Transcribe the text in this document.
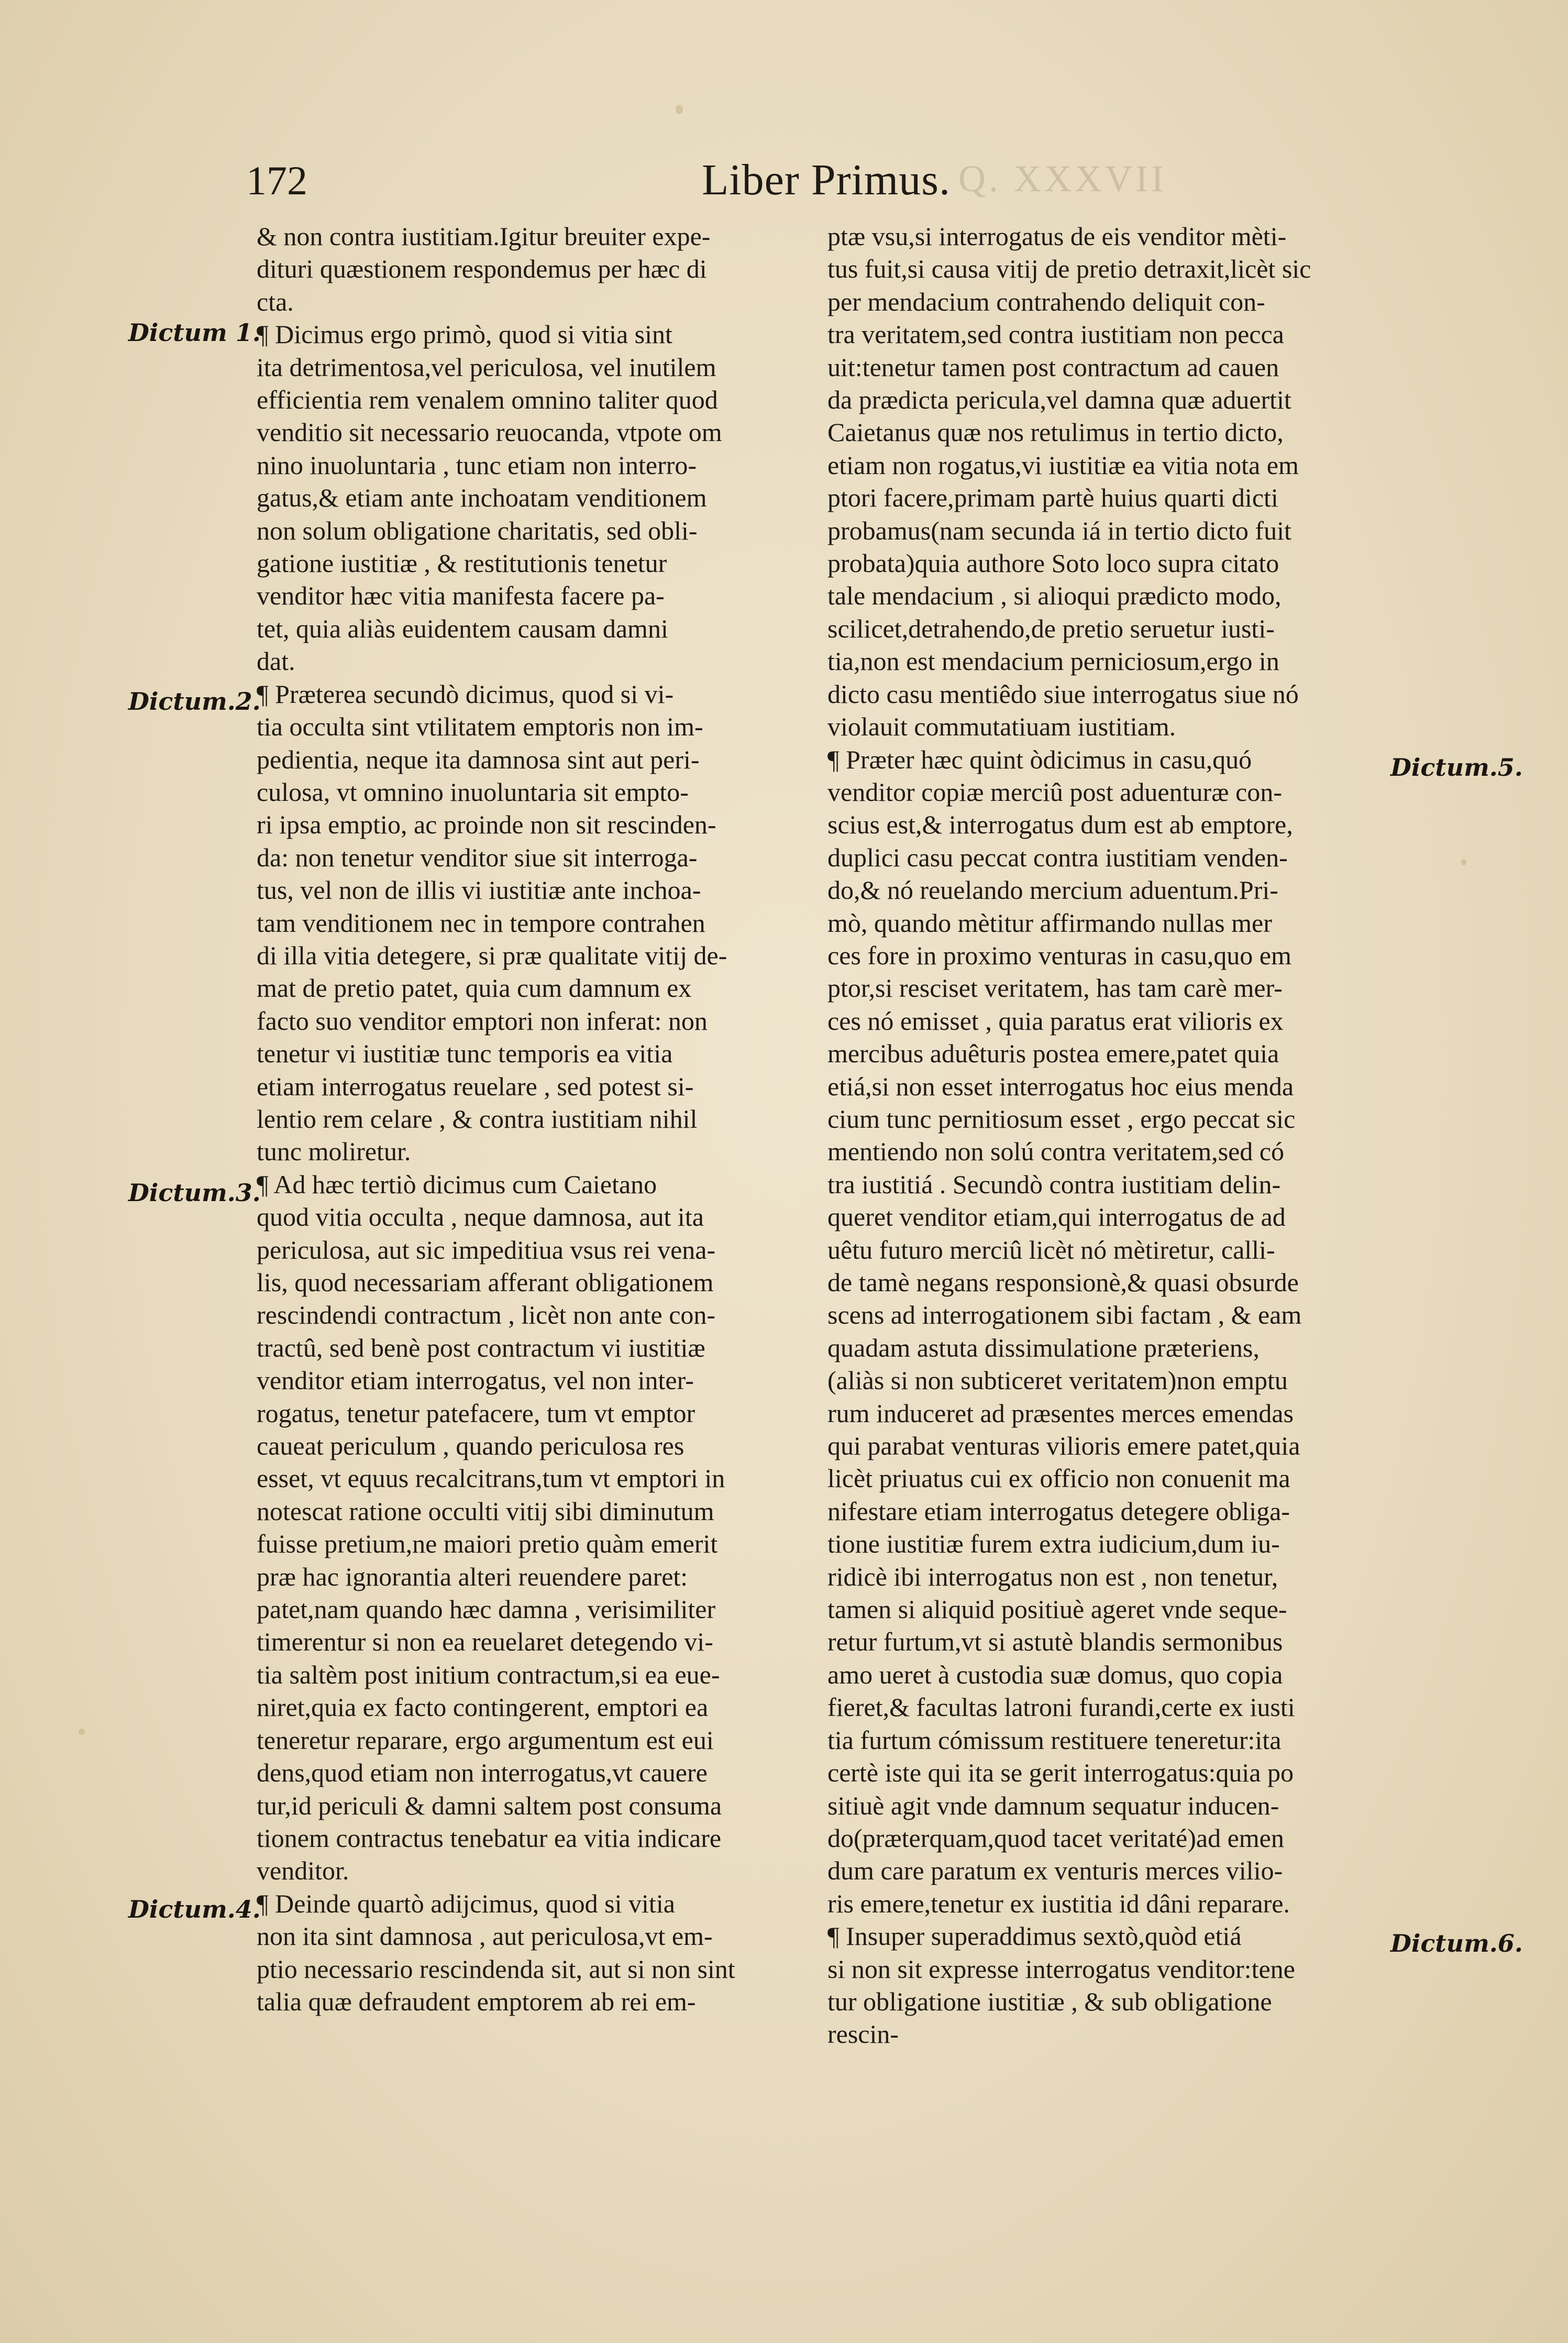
172	Liber Primus. Q. XXXVII
Dictum 1.
Dictum.2.
Dictum.3.
Dictum.4.
Dictum.5.
Dictum.6.
& non contra iustitiam.Igitur breuiter expe-
dituri quæstionem respondemus per hæc di
cta.
¶ Dicimus ergo primò, quod si vitia sint
ita detrimentosa,vel periculosa, vel inutilem
efficientia rem venalem omnino taliter quod
venditio sit necessario reuocanda, vtpote om
nino inuoluntaria , tunc etiam non interro-
gatus,& etiam ante inchoatam venditionem
non solum obligatione charitatis, sed obli-
gatione iustitiæ , & restitutionis tenetur
venditor hæc vitia manifesta facere pa-
tet, quia aliàs euidentem causam damni
dat.
¶ Præterea secundò dicimus, quod si vi-
tia occulta sint vtilitatem emptoris non im-
pedientia, neque ita damnosa sint aut peri-
culosa, vt omnino inuoluntaria sit empto-
ri ipsa emptio, ac proinde non sit rescinden-
da: non tenetur venditor siue sit interroga-
tus, vel non de illis vi iustitiæ ante inchoa-
tam venditionem nec in tempore contrahen
di illa vitia detegere, si præ qualitate vitij de-
mat de pretio patet, quia cum damnum ex
facto suo venditor emptori non inferat: non
tenetur vi iustitiæ tunc temporis ea vitia
etiam interrogatus reuelare , sed potest si-
lentio rem celare , & contra iustitiam nihil
tunc moliretur.
¶ Ad hæc tertiò dicimus cum Caietano
quod vitia occulta , neque damnosa, aut ita
periculosa, aut sic impeditiua vsus rei vena-
lis, quod necessariam afferant obligationem
rescindendi contractum , licèt non ante con-
tractû, sed benè post contractum vi iustitiæ
venditor etiam interrogatus, vel non inter-
rogatus, tenetur patefacere, tum vt emptor
caueat periculum , quando periculosa res
esset, vt equus recalcitrans,tum vt emptori in
notescat ratione occulti vitij sibi diminutum
fuisse pretium,ne maiori pretio quàm emerit
præ hac ignorantia alteri reuendere paret:
patet,nam quando hæc damna , verisimiliter
timerentur si non ea reuelaret detegendo vi-
tia saltèm post initium contractum,si ea eue-
niret,quia ex facto contingerent, emptori ea
teneretur reparare, ergo argumentum est eui
dens,quod etiam non interrogatus,vt cauere
tur,id periculi & damni saltem post consuma
tionem contractus tenebatur ea vitia indicare
venditor.
¶ Deinde quartò adijcimus, quod si vitia
non ita sint damnosa , aut periculosa,vt em-
ptio necessario rescindenda sit, aut si non sint
talia quæ defraudent emptorem ab rei em-
ptæ vsu,si interrogatus de eis venditor mèti-
tus fuit,si causa vitij de pretio detraxit,licèt sic
per mendacium contrahendo deliquit con-
tra veritatem,sed contra iustitiam non pecca
uit:tenetur tamen post contractum ad cauen
da prædicta pericula,vel damna quæ aduertit
Caietanus quæ nos retulimus in tertio dicto,
etiam non rogatus,vi iustitiæ ea vitia nota em
ptori facere,primam partè huius quarti dicti
probamus(nam secunda iá in tertio dicto fuit
probata)quia authore Soto loco supra citato
tale mendacium , si alioqui prædicto modo,
scilicet,detrahendo,de pretio seruetur iusti-
tia,non est mendacium perniciosum,ergo in
dicto casu mentiêdo siue interrogatus siue nó
violauit commutatiuam iustitiam.
¶ Præter hæc quint òdicimus in casu,quó
venditor copiæ merciû post aduenturæ con-
scius est,& interrogatus dum est ab emptore,
duplici casu peccat contra iustitiam venden-
do,& nó reuelando mercium aduentum.Pri-
mò, quando mètitur affirmando nullas mer
ces fore in proximo venturas in casu,quo em
ptor,si resciset veritatem, has tam carè mer-
ces nó emisset , quia paratus erat vilioris ex
mercibus aduêturis postea emere,patet quia
etiá,si non esset interrogatus hoc eius menda
cium tunc pernitiosum esset , ergo peccat sic
mentiendo non solú contra veritatem,sed có
tra iustitiá . Secundò contra iustitiam delin-
queret venditor etiam,qui interrogatus de ad
uêtu futuro merciû licèt nó mètiretur, calli-
de tamè negans responsionè,& quasi obsurde
scens ad interrogationem sibi factam , & eam
quadam astuta dissimulatione præteriens,
(aliàs si non subticeret veritatem)non emptu
rum induceret ad præsentes merces emendas
qui parabat venturas vilioris emere patet,quia
licèt priuatus cui ex officio non conuenit ma
nifestare etiam interrogatus detegere obliga-
tione iustitiæ furem extra iudicium,dum iu-
ridicè ibi interrogatus non est , non tenetur,
tamen si aliquid positiuè ageret vnde seque-
retur furtum,vt si astutè blandis sermonibus
amo ueret à custodia suæ domus, quo copia
fieret,& facultas latroni furandi,certe ex iusti
tia furtum cómissum restituere teneretur:ita
certè iste qui ita se gerit interrogatus:quia po
sitiuè agit vnde damnum sequatur inducen-
do(præterquam,quod tacet veritaté)ad emen
dum care paratum ex venturis merces vilio-
ris emere,tenetur ex iustitia id dâni reparare.
¶ Insuper superaddimus sextò,quòd etiá
si non sit expresse interrogatus venditor:tene
tur obligatione iustitiæ , & sub obligatione
rescin-
